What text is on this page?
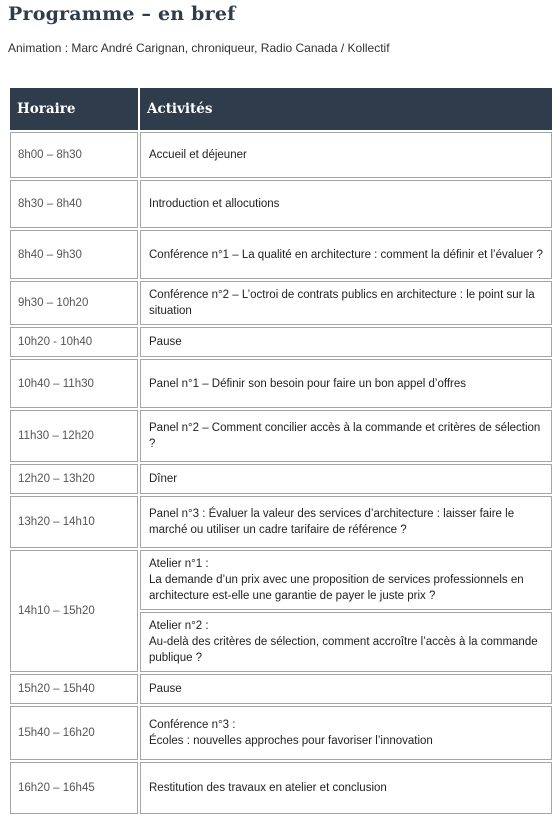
Programme – en bref

Animation : Marc André Carignan, chroniqueur, Radio Canada / Kollectif

Horaire	Activités
8h00 – 8h30	Accueil et déjeuner
8h30 – 8h40	Introduction et allocutions
8h40 – 9h30	Conférence n°1 – La qualité en architecture : comment la définir et l’évaluer ?
9h30 – 10h20	Conférence n°2 – L’octroi de contrats publics en architecture : le point sur la situation
10h20 - 10h40	Pause
10h40 – 11h30	Panel n°1 – Définir son besoin pour faire un bon appel d’offres
11h30 – 12h20	Panel n°2 – Comment concilier accès à la commande et critères de sélection ?
12h20 – 13h20	Dîner
13h20 – 14h10	Panel n°3 : Évaluer la valeur des services d’architecture : laisser faire le marché ou utiliser un cadre tarifaire de référence ?
14h10 – 15h20	Atelier n°1 :
La demande d’un prix avec une proposition de services professionnels en architecture est-elle une garantie de payer le juste prix ?

	Atelier n°2 :
Au-delà des critères de sélection, comment accroître l’accès à la commande publique ?

15h20 – 15h40	Pause
15h40 – 16h20	Conférence n°3 :
Écoles : nouvelles approches pour favoriser l’innovation

16h20 – 16h45	Restitution des travaux en atelier et conclusion
